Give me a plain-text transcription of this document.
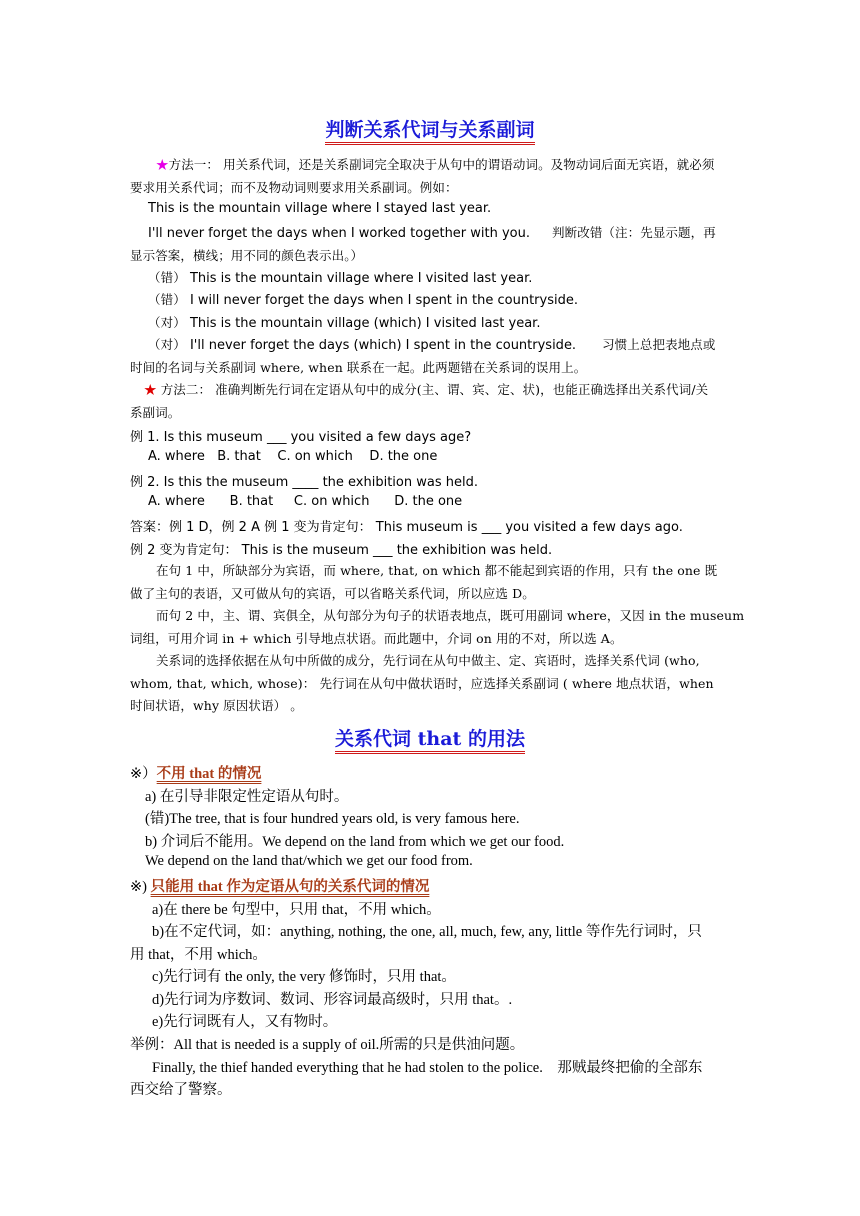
判断关系代词与关系副词

★方法一： 用关系代词，还是关系副词完全取决于从句中的谓语动词。及物动词后面无宾语，就必须

要求用关系代词；而不及物动词则要求用关系副词。例如：

This is the mountain village where I stayed last year.

I'll never forget the days when I worked together with you. 判断改错（注：先显示题，再

显示答案，横线；用不同的颜色表示出。）

（错） This is the mountain village where I visited last year.

（错） I will never forget the days when I spent in the countryside.

（对） This is the mountain village (which) I visited last year.

（对） I'll never forget the days (which) I spent in the countryside. 习惯上总把表地点或

时间的名词与关系副词 where, when 联系在一起。此两题错在关系词的误用上。

★ 方法二： 准确判断先行词在定语从句中的成分(主、谓、宾、定、状)，也能正确选择出关系代词/关

系副词。

例 1. Is this museum ___ you visited a few days age?

A. where   B. that    C. on which    D. the one

例 2. Is this the museum ____ the exhibition was held.

A. where      B. that     C. on which      D. the one

答案：例 1 D，例 2 A 例 1 变为肯定句： This museum is ___ you visited a few days ago.

例 2 变为肯定句： This is the museum ___ the exhibition was held.

在句 1 中，所缺部分为宾语，而 where, that, on which 都不能起到宾语的作用，只有 the one 既

做了主句的表语，又可做从句的宾语，可以省略关系代词，所以应选 D。

而句 2 中，主、谓、宾俱全，从句部分为句子的状语表地点，既可用副词 where，又因 in the museum

词组，可用介词 in + which 引导地点状语。而此题中，介词 on 用的不对，所以选 A。

关系词的选择依据在从句中所做的成分，先行词在从句中做主、定、宾语时，选择关系代词 (who,

whom, that, which, whose)： 先行词在从句中做状语时，应选择关系副词 ( where 地点状语，when

时间状语，why 原因状语） 。

关系代词 that 的用法

※）不用 that 的情况

a) 在引导非限定性定语从句时。

(错)The tree, that is four hundred years old, is very famous here.

b) 介词后不能用。We depend on the land from which we get our food.

We depend on the land that/which we get our food from.

※) 只能用 that 作为定语从句的关系代词的情况

a)在 there be 句型中，只用 that，不用 which。

b)在不定代词，如：anything, nothing, the one, all, much, few, any, little 等作先行词时，只

用 that，不用 which。

c)先行词有 the only, the very 修饰时，只用 that。

d)先行词为序数词、数词、形容词最高级时，只用 that。.

e)先行词既有人，又有物时。

举例：All that is needed is a supply of oil.所需的只是供油问题。

Finally, the thief handed everything that he had stolen to the police.    那贼最终把偷的全部东

西交给了警察。
